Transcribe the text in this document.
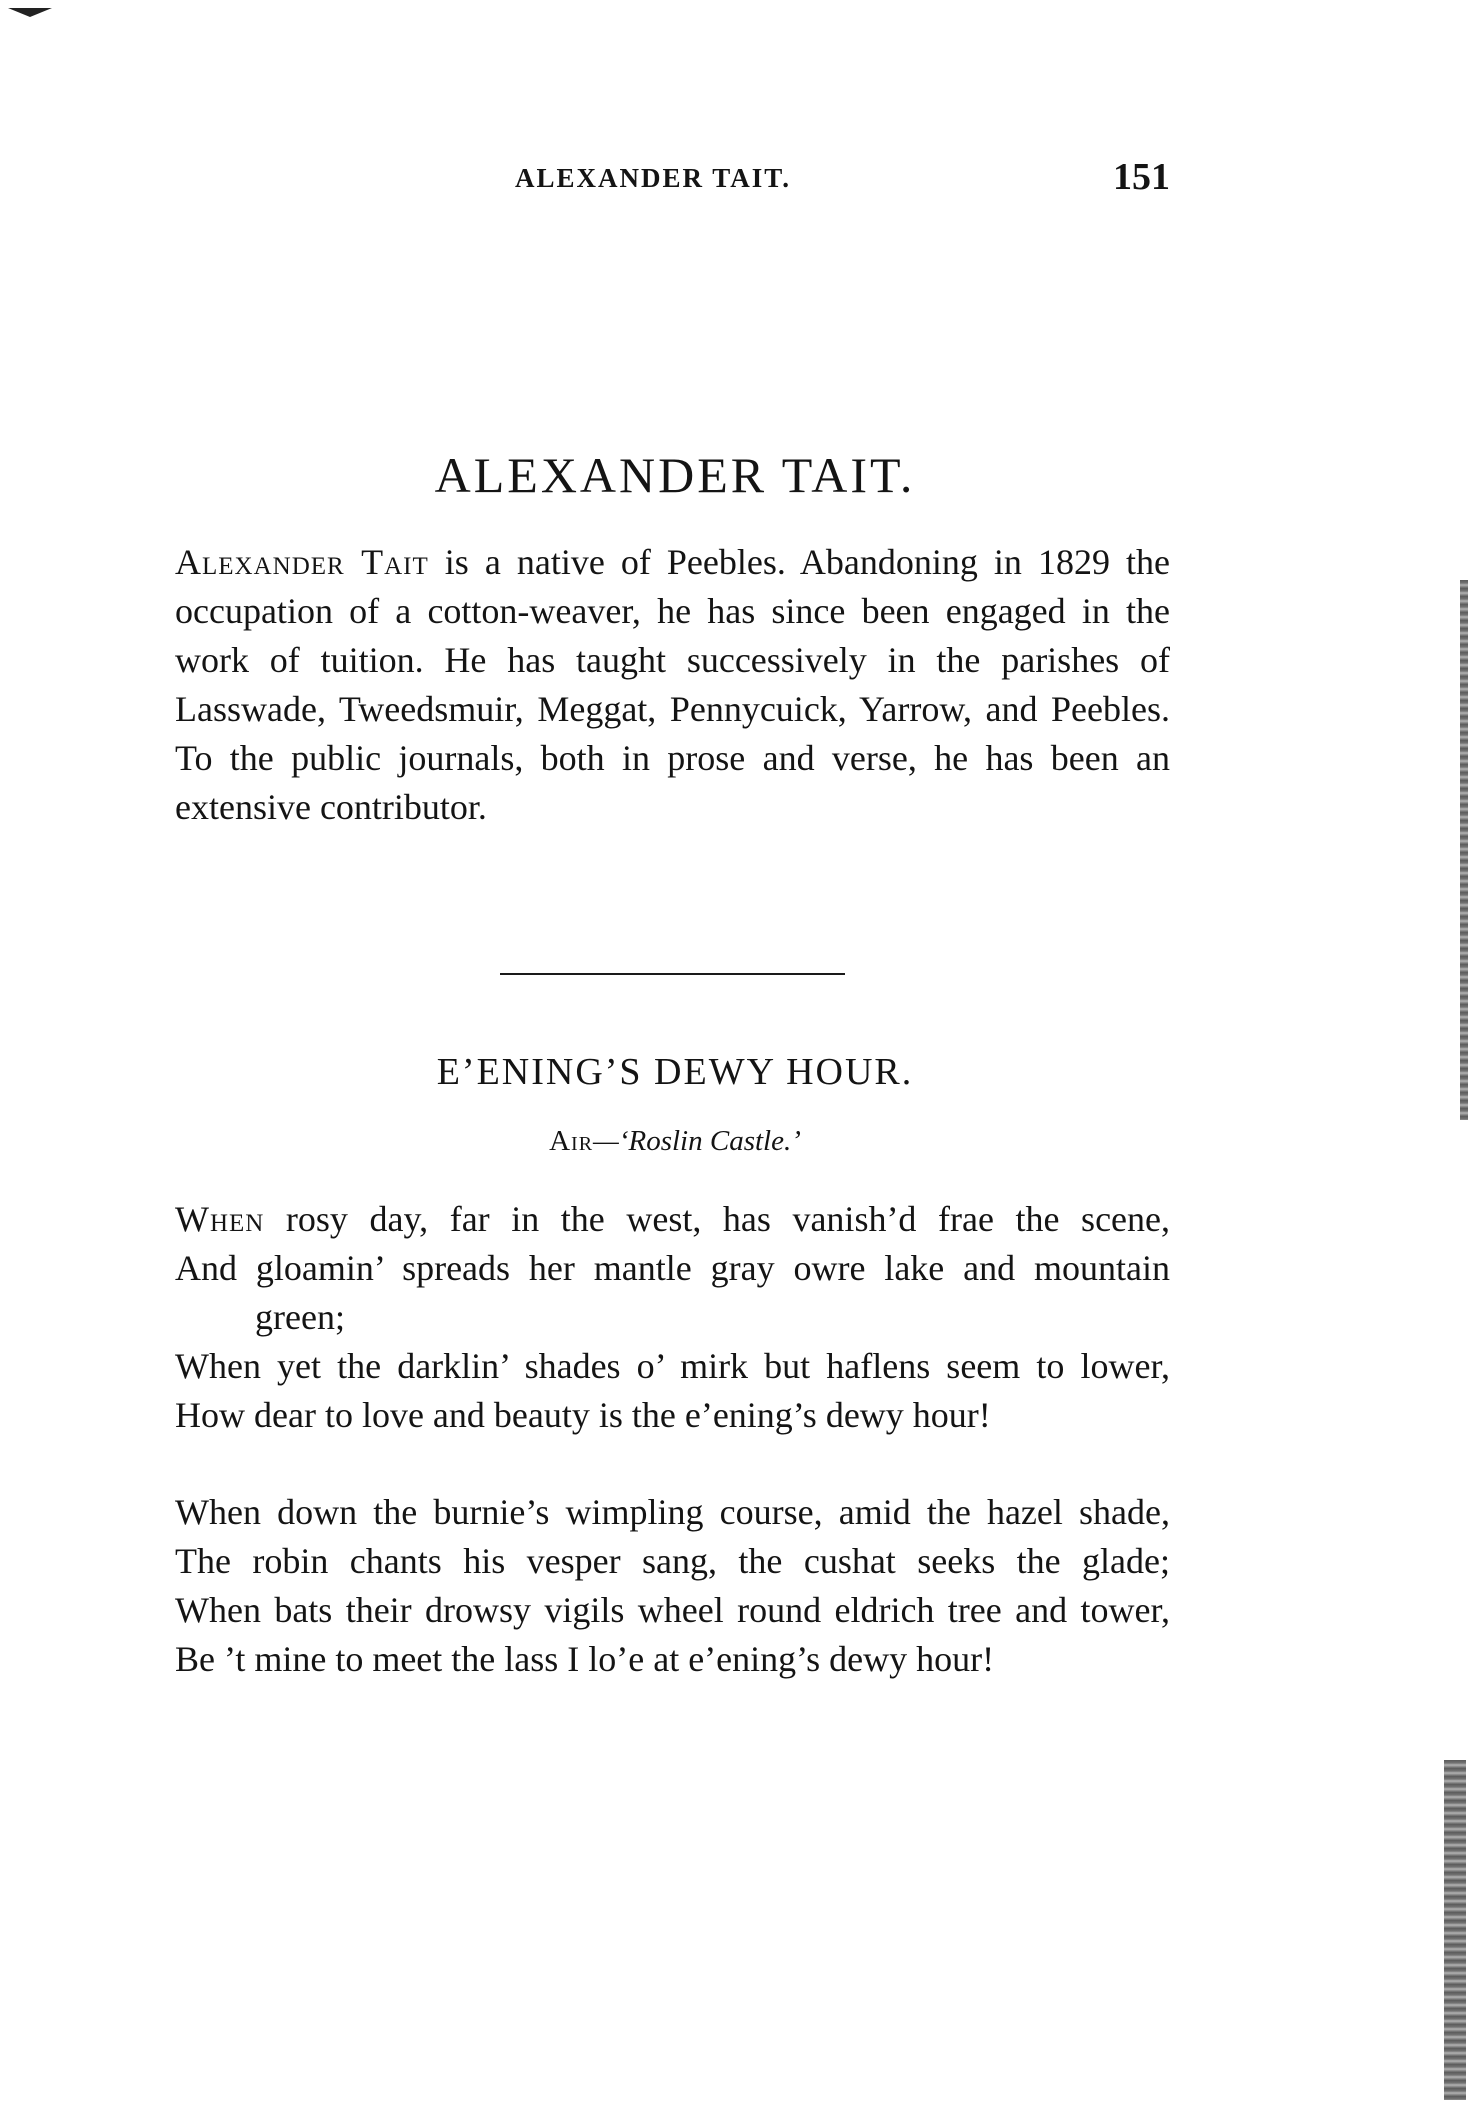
ALEXANDER TAIT.	151
ALEXANDER TAIT.

Alexander Tait is a native of Peebles. Abandoning in 1829 the occupation of a cotton-weaver, he has since been engaged in the work of tuition. He has taught successively in the parishes of Lasswade, Tweedsmuir, Meggat, Pennycuick, Yarrow, and Peebles. To the public journals, both in prose and verse, he has been an extensive contributor.

E’ENING’S DEWY HOUR.
Air—‘Roslin Castle.’
When rosy day, far in the west, has vanish’d frae the scene,
And gloamin’ spreads her mantle gray owre lake and mountain green;
When yet the darklin’ shades o’ mirk but haflens seem to lower,
How dear to love and beauty is the e’ening’s dewy hour!
When down the burnie’s wimpling course, amid the hazel shade,
The robin chants his vesper sang, the cushat seeks the glade;
When bats their drowsy vigils wheel round eldrich tree and tower,
Be ’t mine to meet the lass I lo’e at e’ening’s dewy hour!
